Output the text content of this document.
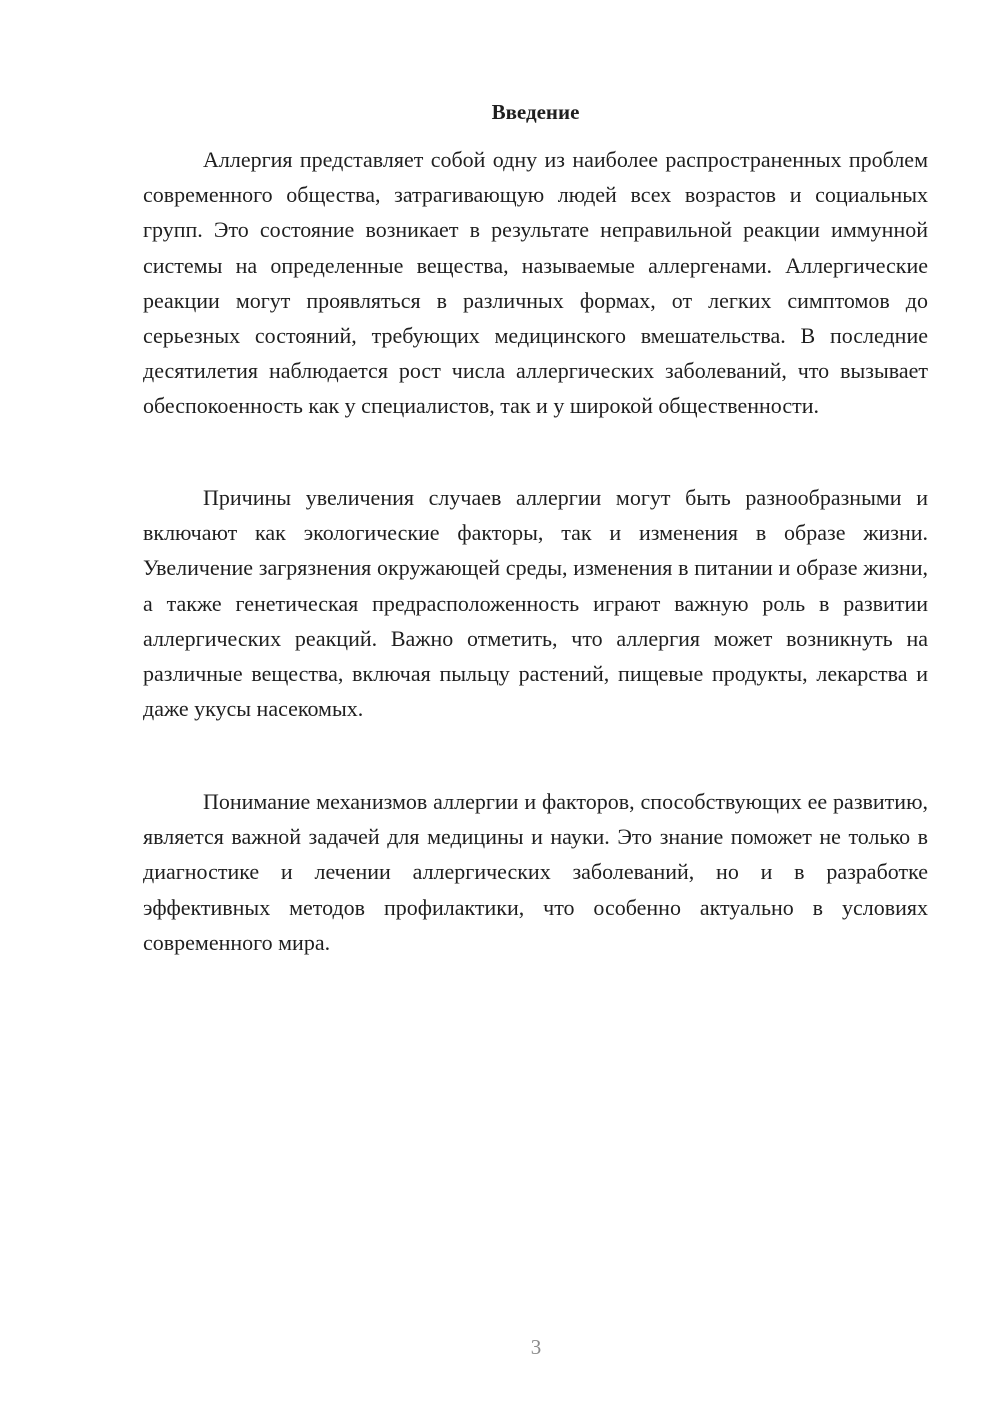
Введение

Аллергия представляет собой одну из наиболее распространенных проблем современного общества, затрагивающую людей всех возрастов и социальных групп. Это состояние возникает в результате неправильной реакции иммунной системы на определенные вещества, называемые аллергенами. Аллергические реакции могут проявляться в различных формах, от легких симптомов до серьезных состояний, требующих медицинского вмешательства. В последние десятилетия наблюдается рост числа аллергических заболеваний, что вызывает обеспокоенность как у специалистов, так и у широкой общественности.

Причины увеличения случаев аллергии могут быть разнообразными и включают как экологические факторы, так и изменения в образе жизни. Увеличение загрязнения окружающей среды, изменения в питании и образе жизни, а также генетическая предрасположенность играют важную роль в развитии аллергических реакций. Важно отметить, что аллергия может возникнуть на различные вещества, включая пыльцу растений, пищевые продукты, лекарства и даже укусы насекомых.

Понимание механизмов аллергии и факторов, способствующих ее развитию, является важной задачей для медицины и науки. Это знание поможет не только в диагностике и лечении аллергических заболеваний, но и в разработке эффективных методов профилактики, что особенно актуально в условиях современного мира.

3
